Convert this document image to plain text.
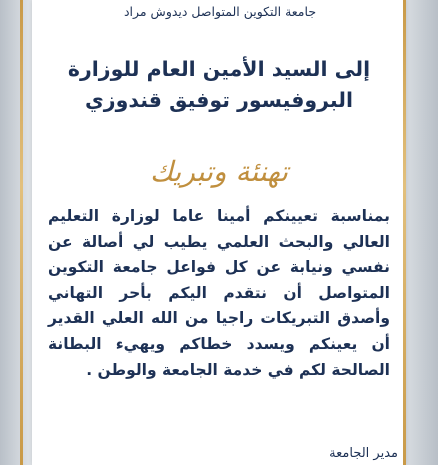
جامعة التكوين المتواصل ديدوش مراد
إلى السيد الأمين العام للوزارة
البروفيسور توفيق قندوزي
تهنئة وتبريك
بمناسبة تعيينكم أمينا عاما لوزارة التعليم العالي والبحث العلمي يطيب لي أصالة عن نفسي ونيابة عن كل فواعل جامعة التكوين المتواصل أن نتقدم اليكم بأحر التهاني وأصدق التبريكات راجيا من الله العلي القدير أن يعينكم ويسدد خطاكم ويهيء البطانة الصالحة لكم في خدمة الجامعة والوطن .
مدير الجامعة
